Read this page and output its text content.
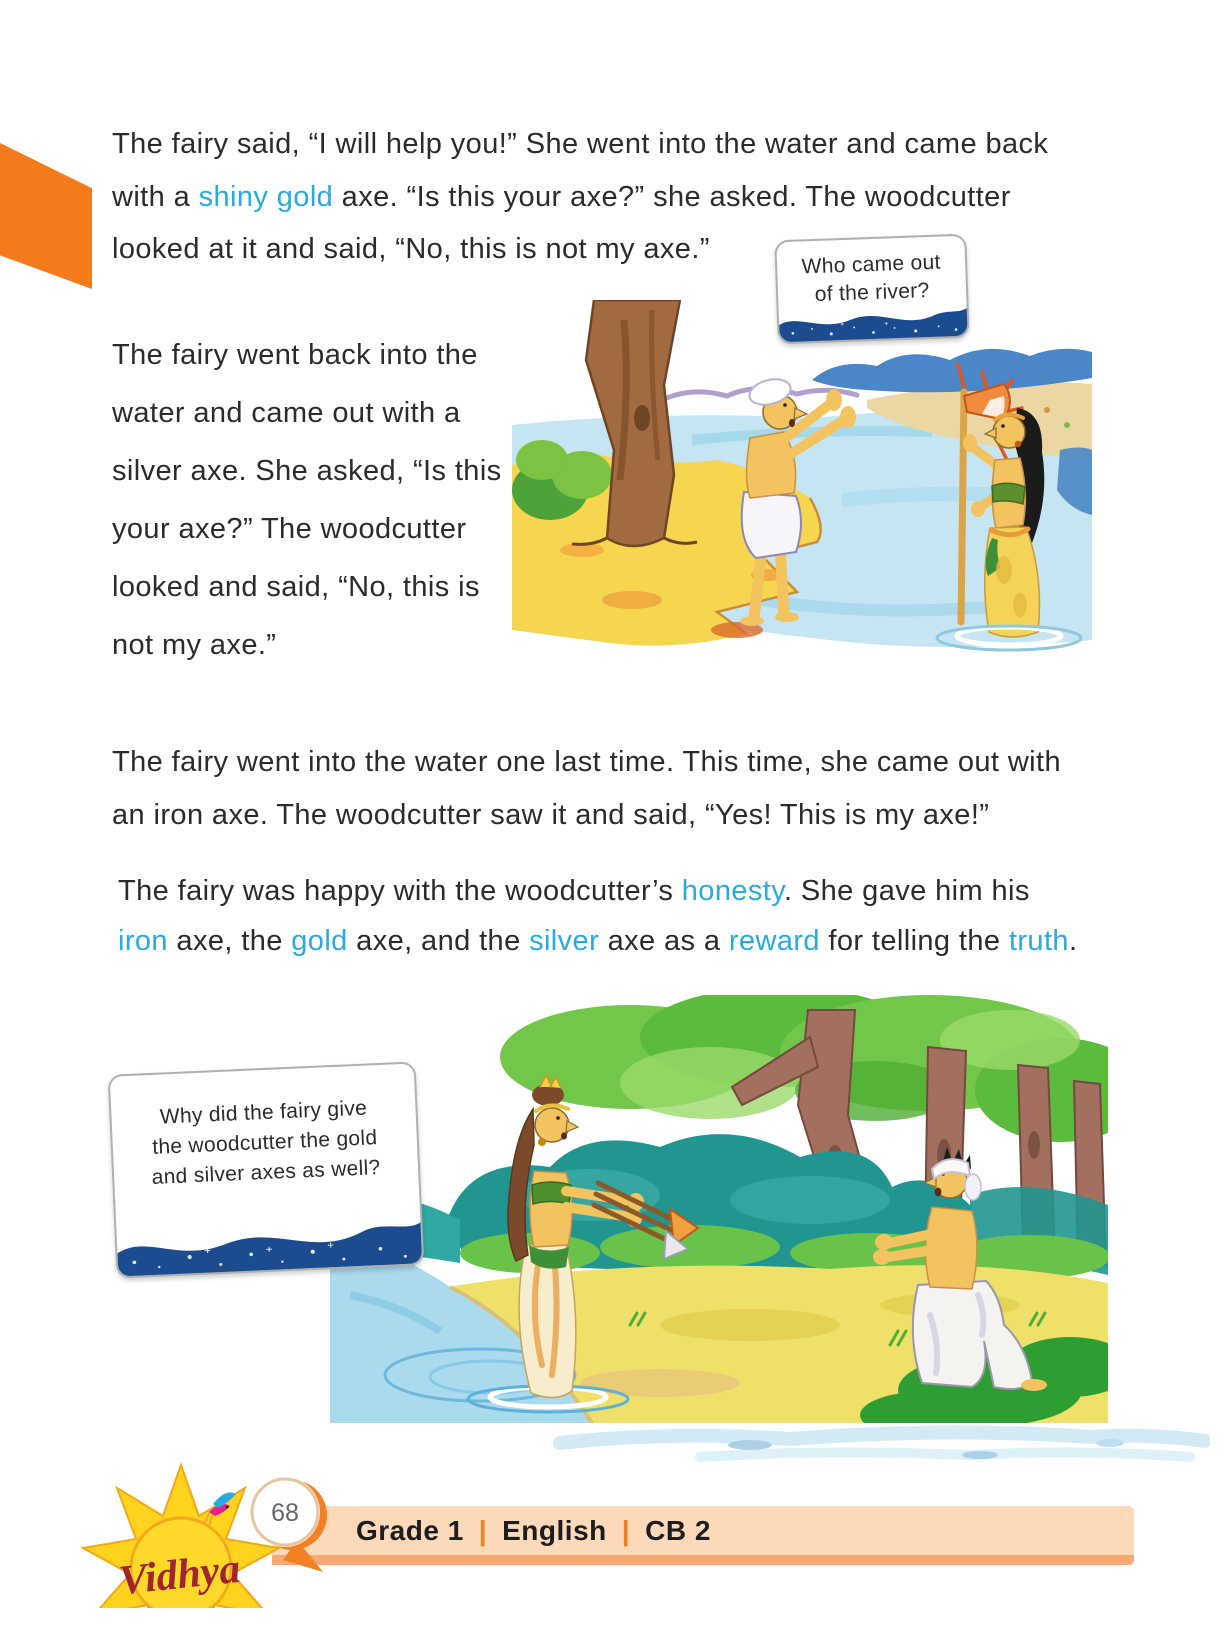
The fairy said, “I will help you!” She went into the water and came back
with a shiny gold axe. “Is this your axe?” she asked. The woodcutter
looked at it and said, “No, this is not my axe.”
The fairy went back into the
water and came out with a
silver axe. She asked, “Is this
your axe?” The woodcutter
looked and said, “No, this is
not my axe.”
The fairy went into the water one last time. This time, she came out with
an iron axe. The woodcutter saw it and said, “Yes! This is my axe!”
The fairy was happy with the woodcutter’s honesty. She gave him his
iron axe, the gold axe, and the silver axe as a reward for telling the truth.
Who came out
of the river?
Why did the fairy give
the woodcutter the gold
and silver axes as well?
Grade 1 | English | CB 2
68
Vidhya
